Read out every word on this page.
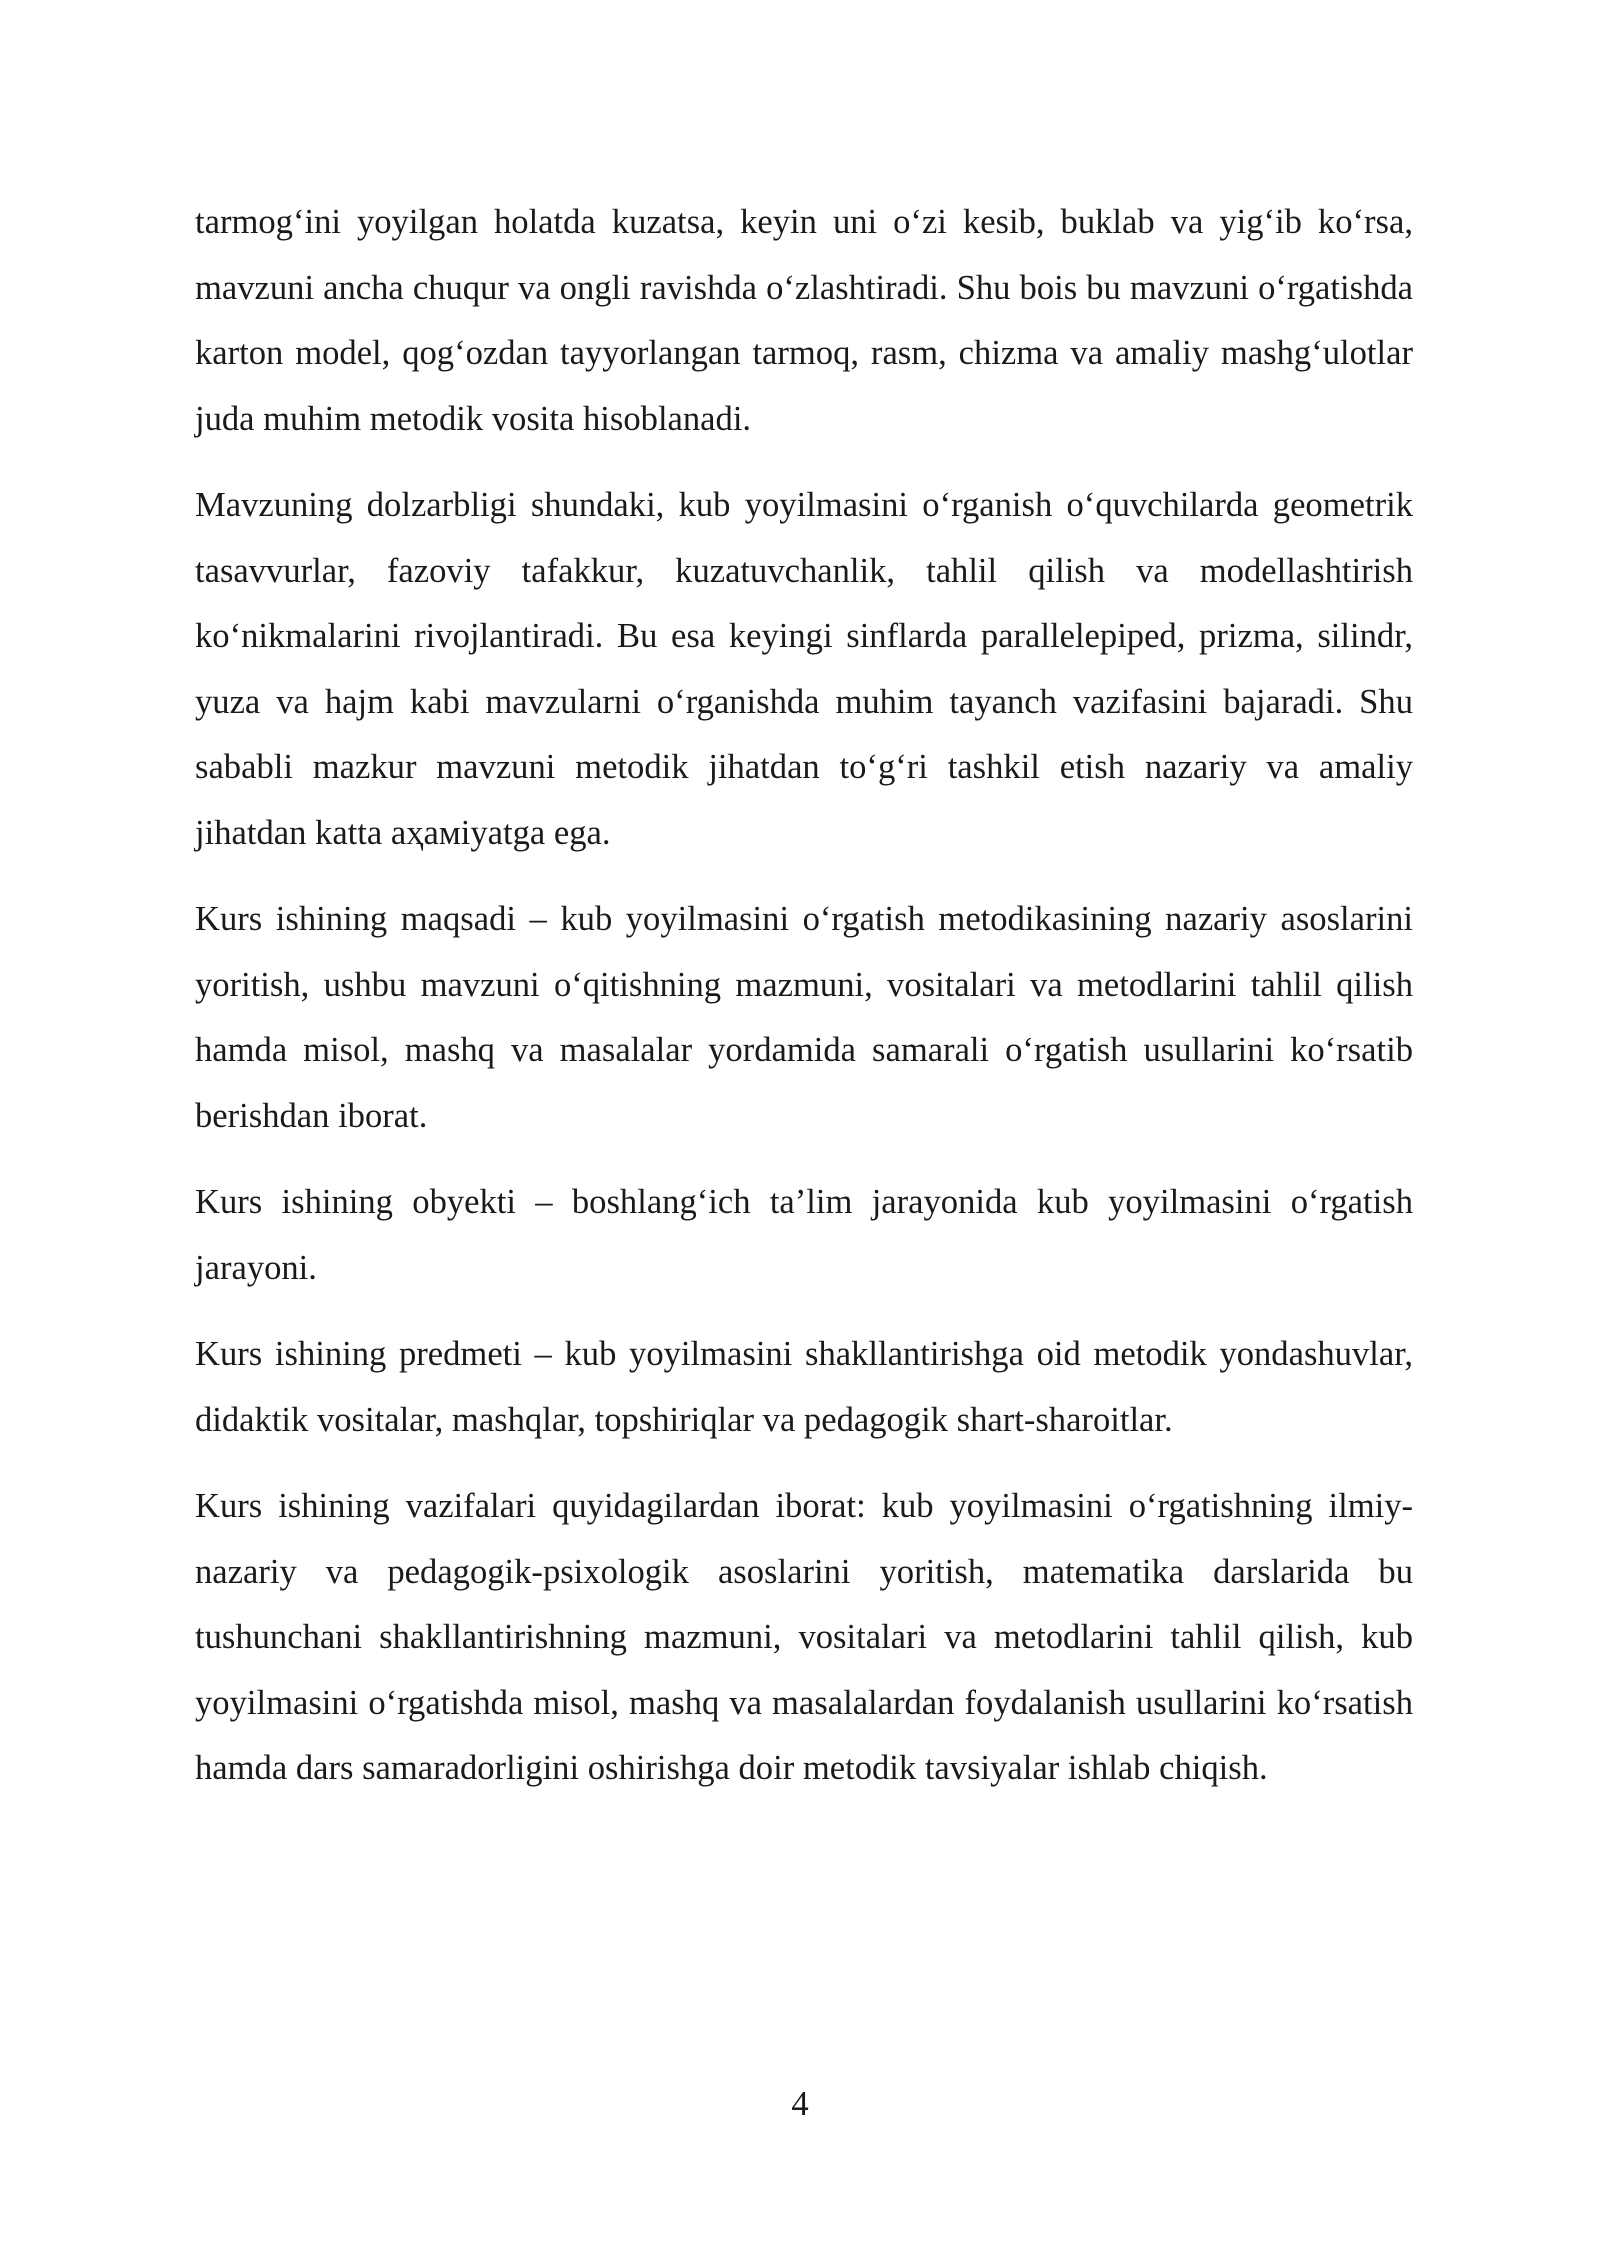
tarmog‘ini yoyilgan holatda kuzatsa, keyin uni o‘zi kesib, buklab va yig‘ib ko‘rsa, mavzuni ancha chuqur va ongli ravishda o‘zlashtiradi. Shu bois bu mavzuni o‘rgatishda karton model, qog‘ozdan tayyorlangan tarmoq, rasm, chizma va amaliy mashg‘ulotlar juda muhim metodik vosita hisoblanadi.

Mavzuning dolzarbligi shundaki, kub yoyilmasini o‘rganish o‘quvchilarda geometrik tasavvurlar, fazoviy tafakkur, kuzatuvchanlik, tahlil qilish va modellashtirish ko‘nikmalarini rivojlantiradi. Bu esa keyingi sinflarda parallelepiped, prizma, silindr, yuza va hajm kabi mavzularni o‘rganishda muhim tayanch vazifasini bajaradi. Shu sababli mazkur mavzuni metodik jihatdan to‘g‘ri tashkil etish nazariy va amaliy jihatdan katta aҳaмiyatga ega.

Kurs ishining maqsadi – kub yoyilmasini o‘rgatish metodikasining nazariy asoslarini yoritish, ushbu mavzuni o‘qitishning mazmuni, vositalari va metodlarini tahlil qilish hamda misol, mashq va masalalar yordamida samarali o‘rgatish usullarini ko‘rsatib berishdan iborat.

Kurs ishining obyekti – boshlang‘ich ta’lim jarayonida kub yoyilmasini o‘rgatish jarayoni.

Kurs ishining predmeti – kub yoyilmasini shakllantirishga oid metodik yondashuvlar, didaktik vositalar, mashqlar, topshiriqlar va pedagogik shart-sharoitlar.

Kurs ishining vazifalari quyidagilardan iborat: kub yoyilmasini o‘rgatishning ilmiy-nazariy va pedagogik-psixologik asoslarini yoritish, matematika darslarida bu tushunchani shakllantirishning mazmuni, vositalari va metodlarini tahlil qilish, kub yoyilmasini o‘rgatishda misol, mashq va masalalardan foydalanish usullarini ko‘rsatish hamda dars samaradorligini oshirishga doir metodik tavsiyalar ishlab chiqish.

4
